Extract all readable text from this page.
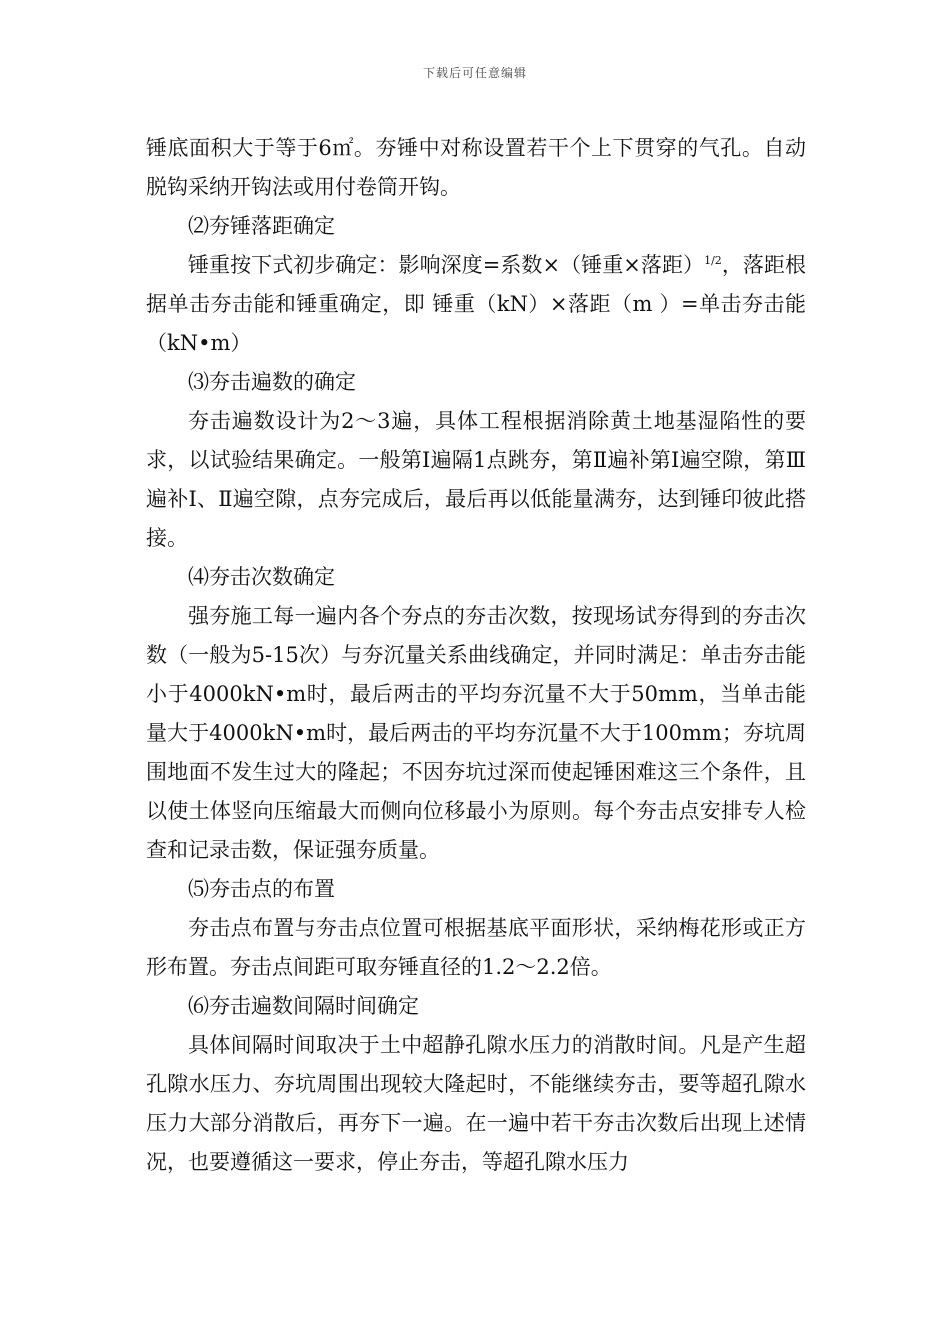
下载后可任意编辑

锤底面积大于等于6㎡。夯锤中对称设置若干个上下贯穿的气孔。自动脱钩采纳开钩法或用付卷筒开钩。

⑵夯锤落距确定

锤重按下式初步确定：影响深度=系数×（锤重×落距）$^{1/2}$，落距根据单击夯击能和锤重确定，即 锤重（kN）×落距（m ）=单击夯击能（kN•m）

⑶夯击遍数的确定

夯击遍数设计为2～3遍，具体工程根据消除黄土地基湿陷性的要求，以试验结果确定。一般第Ⅰ遍隔1点跳夯，第Ⅱ遍补第Ⅰ遍空隙，第Ⅲ遍补Ⅰ、Ⅱ遍空隙，点夯完成后，最后再以低能量满夯，达到锤印彼此搭接。

⑷夯击次数确定

强夯施工每一遍内各个夯点的夯击次数，按现场试夯得到的夯击次数（一般为5-15次）与夯沉量关系曲线确定，并同时满足：单击夯击能小于4000kN•m时，最后两击的平均夯沉量不大于50mm，当单击能量大于4000kN•m时，最后两击的平均夯沉量不大于100mm；夯坑周围地面不发生过大的隆起；不因夯坑过深而使起锤困难这三个条件，且以使土体竖向压缩最大而侧向位移最小为原则。每个夯击点安排专人检查和记录击数，保证强夯质量。

⑸夯击点的布置

夯击点布置与夯击点位置可根据基底平面形状，采纳梅花形或正方形布置。夯击点间距可取夯锤直径的1.2～2.2倍。

⑹夯击遍数间隔时间确定

具体间隔时间取决于土中超静孔隙水压力的消散时间。凡是产生超孔隙水压力、夯坑周围出现较大隆起时，不能继续夯击，要等超孔隙水压力大部分消散后，再夯下一遍。在一遍中若干夯击次数后出现上述情况，也要遵循这一要求，停止夯击，等超孔隙水压力
